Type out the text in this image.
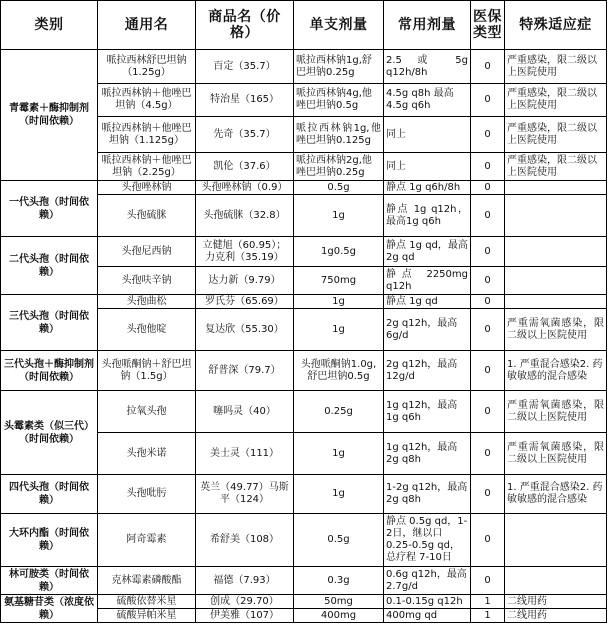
类别	通用名	商品名（价格）	单支剂量	常用剂量	医保类型	特殊适应症
青霉素＋酶抑制剂（时间依赖）	哌拉西林舒巴坦钠（1.25g）	百定（35.7）	哌拉西林钠1g,舒巴坦钠0.25g	2.5 或 5g q12h/8h	0	严重感染，限二级以上医院使用
	哌拉西林钠＋他唑巴坦钠（4.5g）	特治星（165）	哌拉西林钠4g,他唑巴坦钠0.5g	4.5g q8h 最高4.5g q6h	0	严重感染，限二级以上医院使用
	哌拉西林钠＋他唑巴坦钠（1.125g）	先奇（35.7）	哌拉西林钠1g,他唑巴坦钠0.125g	同上	0	严重感染，限二级以上医院使用
	哌拉西林钠＋他唑巴坦钠（2.25g）	凯伦（37.6）	哌拉西林钠2g,他唑巴坦钠0.25g	同上	0	严重感染，限二级以上医院使用
一代头孢（时间依赖）	头孢唑林钠	头孢唑林钠（0.9）	0.5g	静点 1g q6h/8h	0	
	头孢硫脒	头孢硫脒（32.8）	1g	静点 1g q12h，最高1g q6h	0	
二代头孢（时间依赖）	头孢尼西钠	立健旭（60.95）；力克利（35.19）	1g0.5g	静点 1g qd，最高2g qd	0	
	头孢呋辛钠	达力新（9.79）	750mg	静点 2250mg q12h	0	
三代头孢（时间依赖）	头孢曲松	罗氏芬（65.69）	1g	静点 1g qd	0	
	头孢他啶	复达欣（55.30）	1g	2g q12h，最高6g/d	0	严重需氧菌感染，限二级以上医院使用
三代头孢＋酶抑制剂（时间依赖）	头孢哌酮钠＋舒巴坦钠（1.5g）	舒普深（79.7）	头孢哌酮钠1.0g,舒巴坦钠0.5g	2g q12h，最高12g/d	0	1. 严重混合感染2. 药敏敏感的混合感染
头霉素类（似三代）（时间依赖）	拉氧头孢	噻吗灵（40）	0.25g	1g q12h，最高1g q6h	0	严重需氧菌感染，限二级以上医院使用
	头孢米诺	美士灵（111）	1g	1g q12h，最高2g q8h	0	严重需氧菌感染，限二级以上医院使用
四代头孢（时间依赖）	头孢吡肟	英兰（49.77）马斯平（124）	1g	1-2g q12h，最高2g q8h	0	1. 严重混合感染2. 药敏敏感的混合感染
大环内酯（时间依赖）	阿奇霉素	希舒美（108）	0.5g	静点 0.5g qd，1-2日，继以口0.25-0.5g qd，总疗程 7-10日	0	
林可胺类（时间依赖）	克林霉素磷酸酯	福德（7.93）	0.3g	0.6g q12h，最高2.7g/d	0	
氨基糖苷类（浓度依赖）	硫酸依替米星	创成（29.70）	50mg	0.1-0.15g q12h	1	二线用药
	硫酸异帕米星	伊美雅（107）	400mg	400mg qd	1	二线用药
